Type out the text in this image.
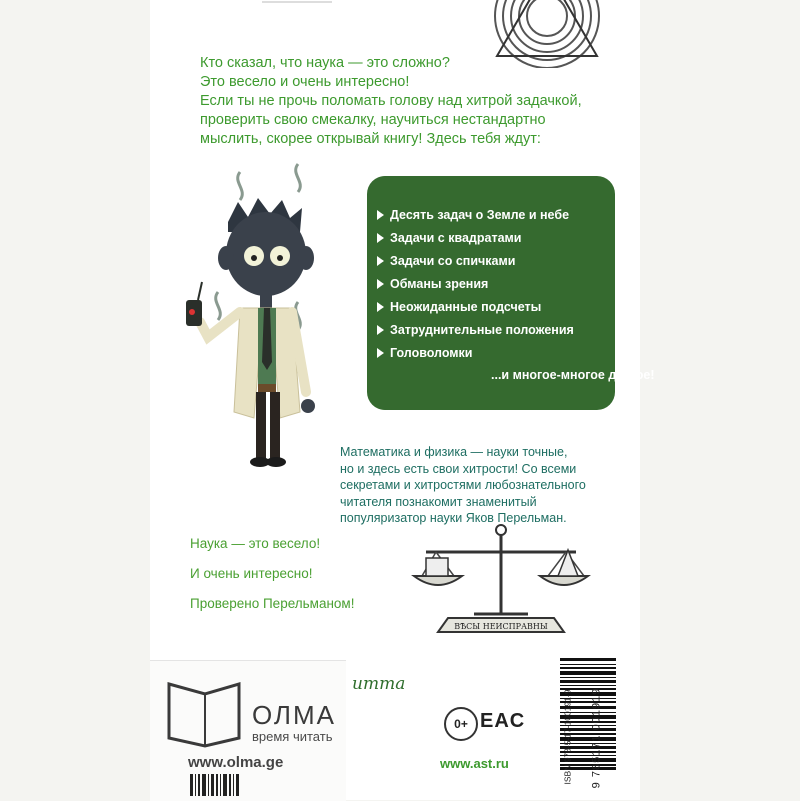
Кто сказал, что наука — это сложно?
Это весело и очень интересно!
Если ты не прочь поломать голову над хитрой задачкой,
проверить свою смекалку, научиться нестандартно
мыслить, скорее открывай книгу! Здесь тебя ждут:
Десять задач о Земле и небе
Задачи с квадратами
Задачи со спичками
Обманы зрения
Неожиданные подсчеты
Затруднительные положения
Головоломки
...и многое-многое другое!
Математика и физика — науки точные,
но и здесь есть свои хитрости! Со всеми
секретами и хитростями любознательного
читателя познакомит знаменитый
популяризатор науки Яков Перельман.
Наука — это весело!
И очень интересно!
Проверено Перельманом!
ВѢСЫ НЕИСПРАВНЫ
ОЛМА
время читать
www.olma.ge
итта
0+ EAC
www.ast.ru	ISBN 978-5-17-100191-9 9 785171 001919
